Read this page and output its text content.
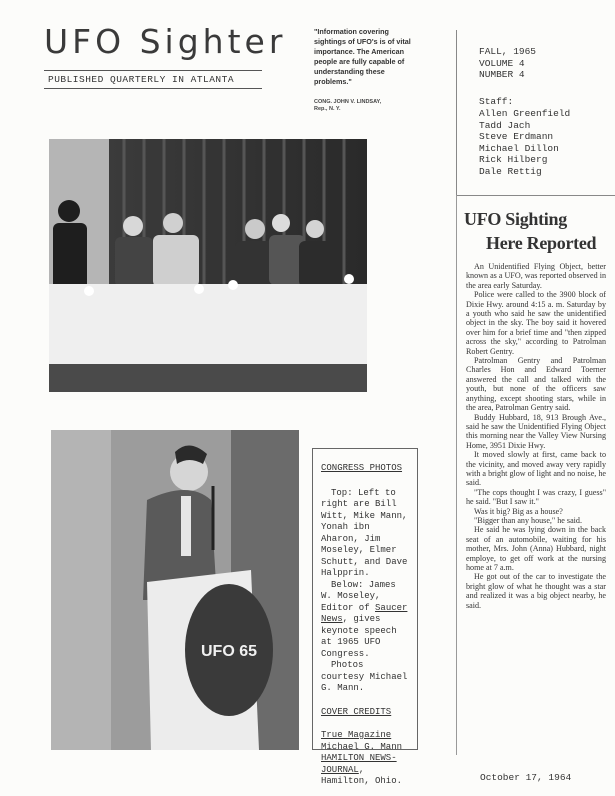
UFO Sighter
PUBLISHED QUARTERLY IN ATLANTA
"Information covering sightings of UFO's is of vital importance. The American people are fully capable of understanding these problems."
CONG. JOHN V. LINDSAY,
Rep., N. Y.
FALL, 1965
VOLUME 4
NUMBER 4
Staff:
Allen Greenfield
Tadd Jach
Steve Erdmann
Michael Dillon
Rick Hilberg
Dale Rettig
UFO 65
CONGRESS PHOTOS

Top: Left to right are Bill Witt, Mike Mann, Yonah ibn Aharon, Jim Moseley, Elmer Schutt, and Dave Halpprin.

Below: James W. Moseley, Editor of Saucer News, gives keynote speech at 1965 UFO Congress.

Photos courtesy Michael G. Mann.

COVER CREDITS
True Magazine
Michael G. Mann
HAMILTON NEWS-
JOURNAL, Hamilton, Ohio.
UFO Sighting
Here Reported

An Unidentified Flying Object, better known as a UFO, was reported observed in the area early Saturday.

Police were called to the 3900 block of Dixie Hwy. around 4:15 a. m. Saturday by a youth who said he saw the unidentified object in the sky. The boy said it hovered over him for a brief time and "then zipped across the sky," according to Patrolman Robert Gentry.

Patrolman Gentry and Patrolman Charles Hon and Edward Toerner answered the call and talked with the youth, but none of the officers saw anything, except shooting stars, while in the area, Patrolman Gentry said.

Buddy Hubbard, 18, 913 Brough Ave., said he saw the Unidentified Flying Object this morning near the Valley View Nursing Home, 3951 Dixie Hwy.

It moved slowly at first, came back to the vicinity, and moved away very rapidly with a bright glow of light and no noise, he said.

"The cops thought I was crazy, I guess" he said. "But I saw it."

Was it big? Big as a house?

"Bigger than any house," he said.

He said he was lying down in the back seat of an automobile, waiting for his mother, Mrs. John (Anna) Hubbard, night employe, to get off work at the nursing home at 7 a.m.

He got out of the car to investigate the bright glow of what he thought was a star and realized it was a big object nearby, he said.

October 17, 1964
